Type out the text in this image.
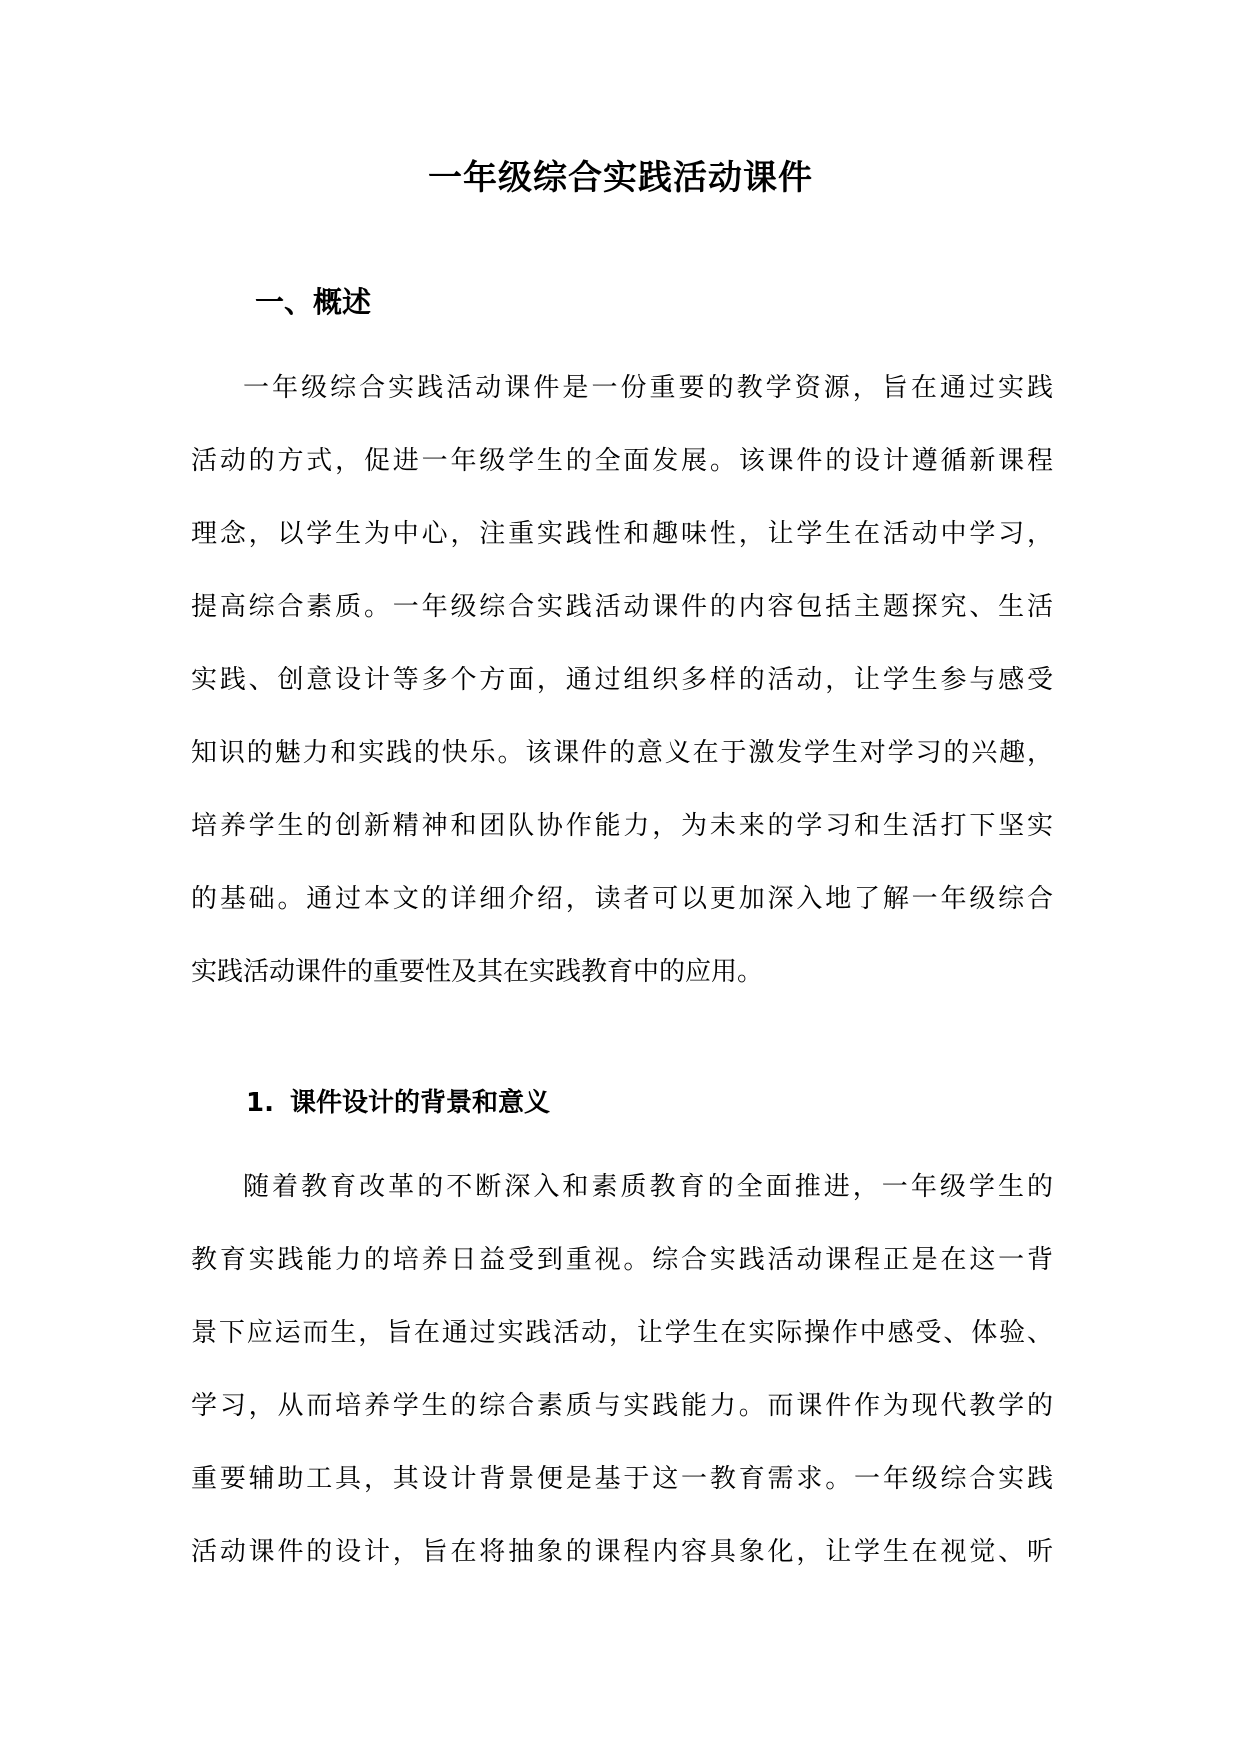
一年级综合实践活动课件
一、概述
一年级综合实践活动课件是一份重要的教学资源，旨在通过实践
活动的方式，促进一年级学生的全面发展。该课件的设计遵循新课程
理念，以学生为中心，注重实践性和趣味性，让学生在活动中学习，
提高综合素质。一年级综合实践活动课件的内容包括主题探究、生活
实践、创意设计等多个方面，通过组织多样的活动，让学生参与感受
知识的魅力和实践的快乐。该课件的意义在于激发学生对学习的兴趣，
培养学生的创新精神和团队协作能力，为未来的学习和生活打下坚实
的基础。通过本文的详细介绍，读者可以更加深入地了解一年级综合
实践活动课件的重要性及其在实践教育中的应用。
1. 课件设计的背景和意义
随着教育改革的不断深入和素质教育的全面推进，一年级学生的
教育实践能力的培养日益受到重视。综合实践活动课程正是在这一背
景下应运而生，旨在通过实践活动，让学生在实际操作中感受、体验、
学习，从而培养学生的综合素质与实践能力。而课件作为现代教学的
重要辅助工具，其设计背景便是基于这一教育需求。一年级综合实践
活动课件的设计，旨在将抽象的课程内容具象化，让学生在视觉、听
